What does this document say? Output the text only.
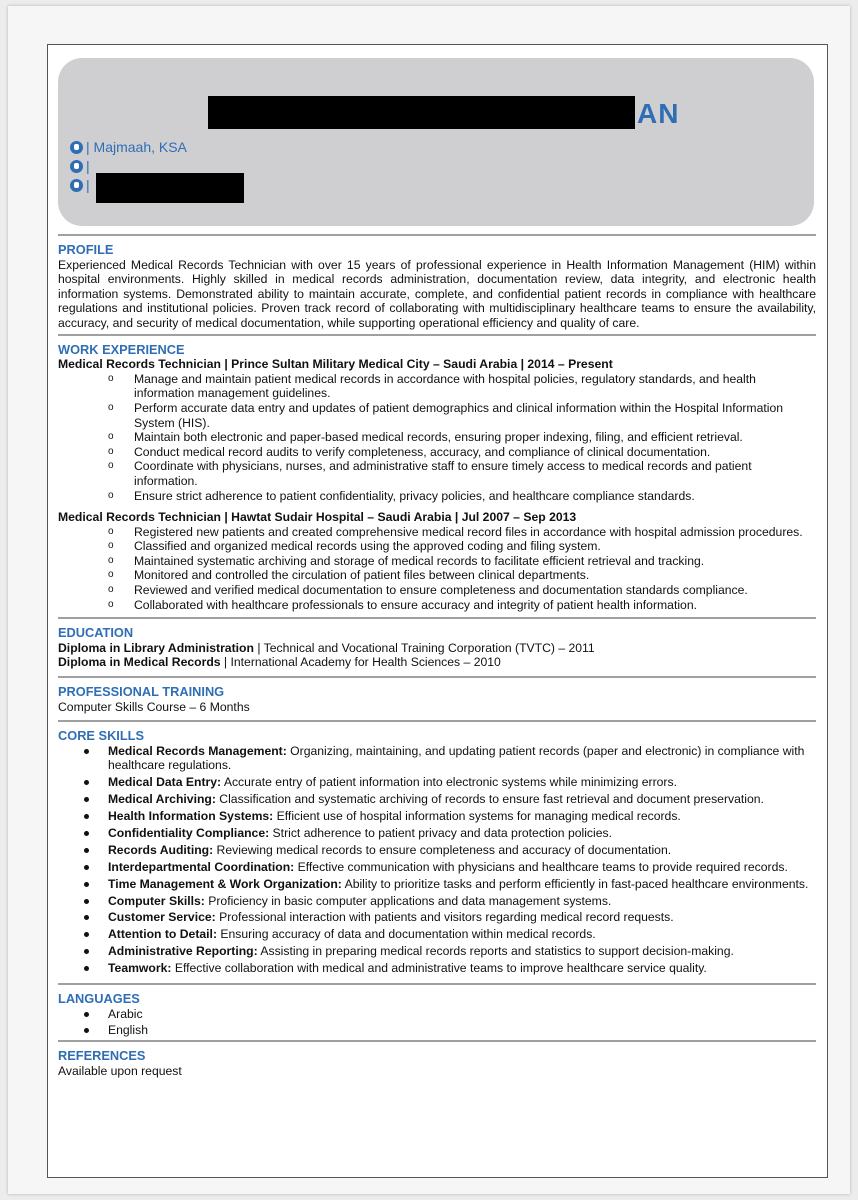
AN
| Majmaah, KSA
|
|
PROFILE

Experienced Medical Records Technician with over 15 years of professional experience in Health Information Management (HIM) within hospital environments. Highly skilled in medical records administration, documentation review, data integrity, and electronic health information systems. Demonstrated ability to maintain accurate, complete, and confidential patient records in compliance with healthcare regulations and institutional policies. Proven track record of collaborating with multidisciplinary healthcare teams to ensure the availability, accuracy, and security of medical documentation, while supporting operational efficiency and quality of care.

WORK EXPERIENCE
Medical Records Technician | Prince Sultan Military Medical City – Saudi Arabia | 2014 – Present
o Manage and maintain patient medical records in accordance with hospital policies, regulatory standards, and health information management guidelines.
o Perform accurate data entry and updates of patient demographics and clinical information within the Hospital Information System (HIS).
o Maintain both electronic and paper-based medical records, ensuring proper indexing, filing, and efficient retrieval.
o Conduct medical record audits to verify completeness, accuracy, and compliance of clinical documentation.
o Coordinate with physicians, nurses, and administrative staff to ensure timely access to medical records and patient information.
o Ensure strict adherence to patient confidentiality, privacy policies, and healthcare compliance standards.
Medical Records Technician | Hawtat Sudair Hospital – Saudi Arabia | Jul 2007 – Sep 2013
o Registered new patients and created comprehensive medical record files in accordance with hospital admission procedures.
o Classified and organized medical records using the approved coding and filing system.
o Maintained systematic archiving and storage of medical records to facilitate efficient retrieval and tracking.
o Monitored and controlled the circulation of patient files between clinical departments.
o Reviewed and verified medical documentation to ensure completeness and documentation standards compliance.
o Collaborated with healthcare professionals to ensure accuracy and integrity of patient health information.
EDUCATION
Diploma in Library Administration | Technical and Vocational Training Corporation (TVTC) – 2011
Diploma in Medical Records | International Academy for Health Sciences – 2010
PROFESSIONAL TRAINING
Computer Skills Course – 6 Months
CORE SKILLS
Medical Records Management: Organizing, maintaining, and updating patient records (paper and electronic) in compliance with healthcare regulations.
Medical Data Entry: Accurate entry of patient information into electronic systems while minimizing errors.
Medical Archiving: Classification and systematic archiving of records to ensure fast retrieval and document preservation.
Health Information Systems: Efficient use of hospital information systems for managing medical records.
Confidentiality Compliance: Strict adherence to patient privacy and data protection policies.
Records Auditing: Reviewing medical records to ensure completeness and accuracy of documentation.
Interdepartmental Coordination: Effective communication with physicians and healthcare teams to provide required records.
Time Management & Work Organization: Ability to prioritize tasks and perform efficiently in fast-paced healthcare environments.
Computer Skills: Proficiency in basic computer applications and data management systems.
Customer Service: Professional interaction with patients and visitors regarding medical record requests.
Attention to Detail: Ensuring accuracy of data and documentation within medical records.
Administrative Reporting: Assisting in preparing medical records reports and statistics to support decision-making.
Teamwork: Effective collaboration with medical and administrative teams to improve healthcare service quality.
LANGUAGES
Arabic
English
REFERENCES
Available upon request
